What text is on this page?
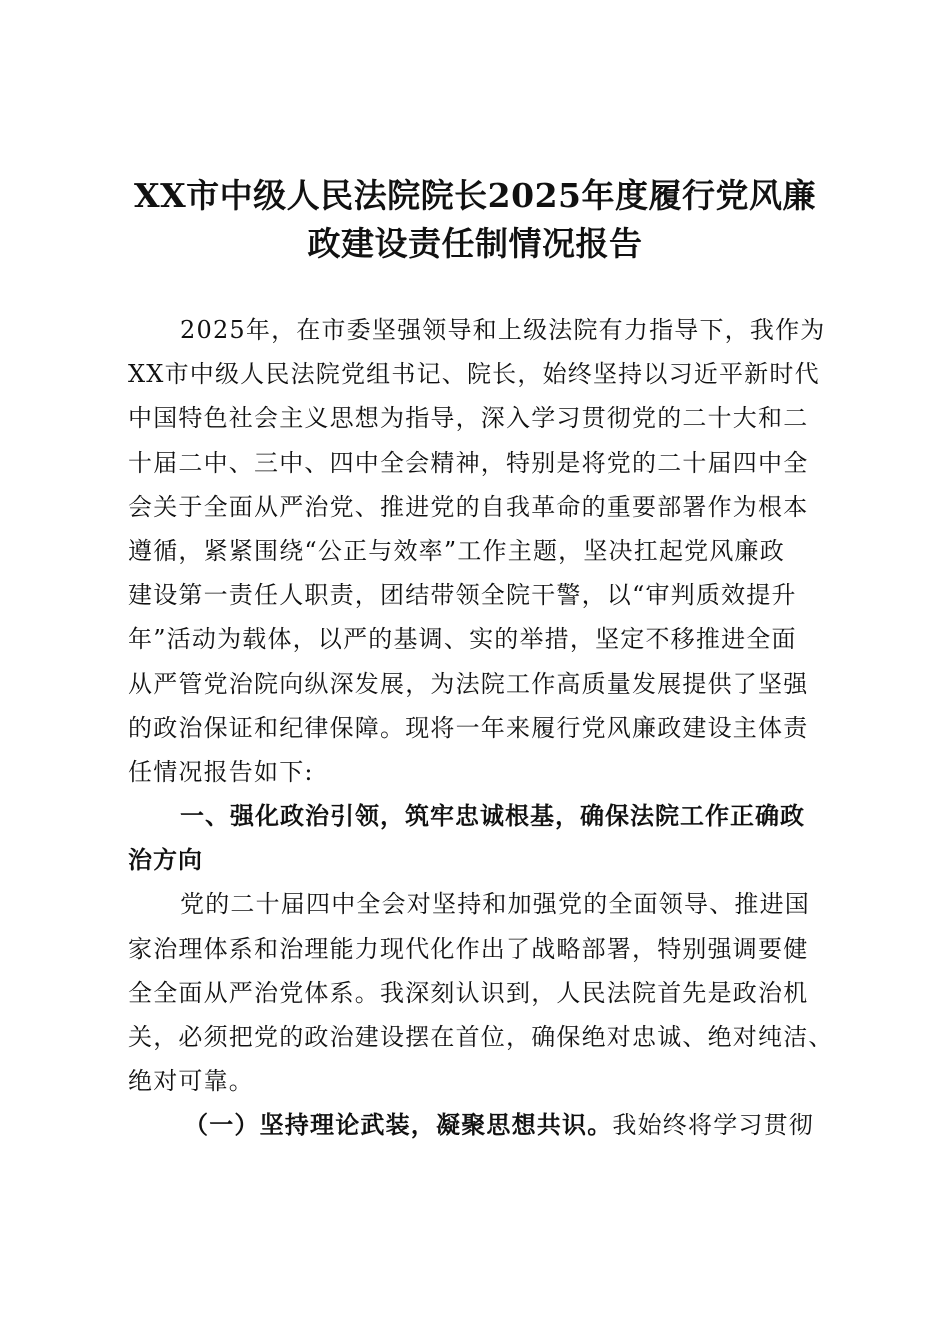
XX市中级人民法院院长2025年度履行党风廉
政建设责任制情况报告
2025年，在市委坚强领导和上级法院有力指导下，我作为
XX市中级人民法院党组书记、院长，始终坚持以习近平新时代
中国特色社会主义思想为指导，深入学习贯彻党的二十大和二
十届二中、三中、四中全会精神，特别是将党的二十届四中全
会关于全面从严治党、推进党的自我革命的重要部署作为根本
遵循，紧紧围绕“公正与效率”工作主题，坚决扛起党风廉政
建设第一责任人职责，团结带领全院干警，以“审判质效提升
年”活动为载体，以严的基调、实的举措，坚定不移推进全面
从严管党治院向纵深发展，为法院工作高质量发展提供了坚强
的政治保证和纪律保障。现将一年来履行党风廉政建设主体责
任情况报告如下:
一、强化政治引领，筑牢忠诚根基，确保法院工作正确政
治方向
党的二十届四中全会对坚持和加强党的全面领导、推进国
家治理体系和治理能力现代化作出了战略部署，特别强调要健
全全面从严治党体系。我深刻认识到，人民法院首先是政治机
关，必须把党的政治建设摆在首位，确保绝对忠诚、绝对纯洁、
绝对可靠。
（一）坚持理论武装，凝聚思想共识。我始终将学习贯彻
